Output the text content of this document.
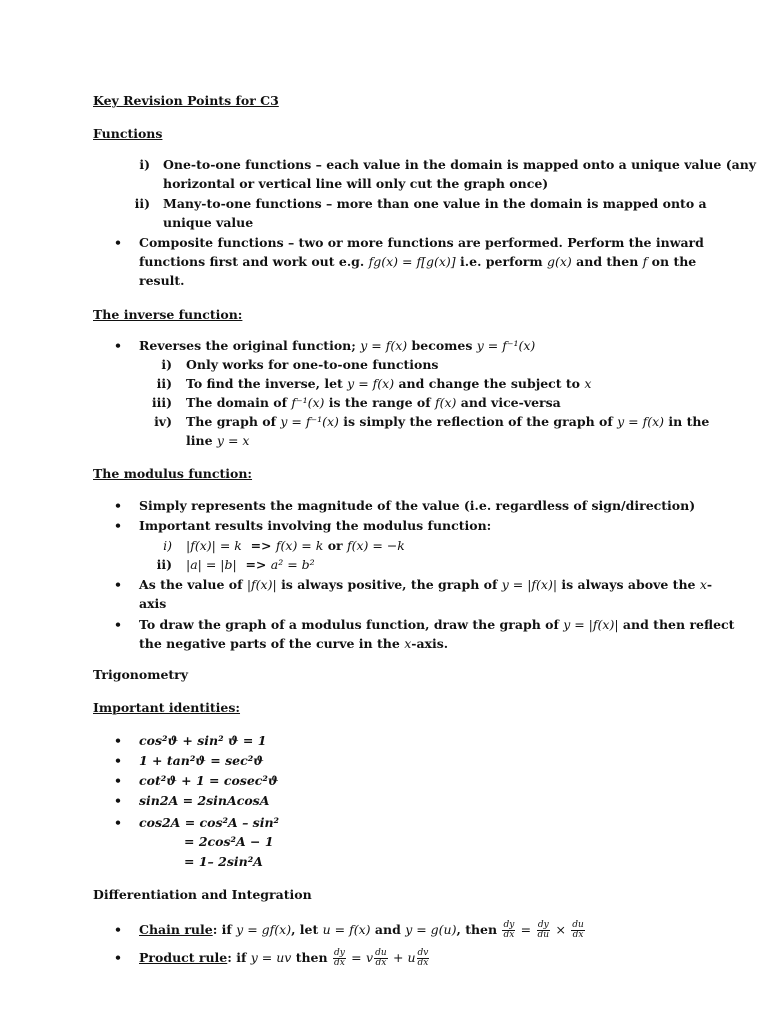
Key Revision Points for C3
Functions
i) One-to-one functions – each value in the domain is mapped onto a unique value (any
horizontal or vertical line will only cut the graph once)
ii) Many-to-one functions – more than one value in the domain is mapped onto a
unique value
• Composite functions – two or more functions are performed. Perform the inward
functions first and work out e.g. fg(x) = f[g(x)] i.e. perform g(x) and then f on the
result.
The inverse function:
• Reverses the original function; y = f(x) becomes y = f⁻¹(x)
i) Only works for one-to-one functions
ii) To find the inverse, let y = f(x) and change the subject to x
iii) The domain of f⁻¹(x) is the range of f(x) and vice-versa
iv) The graph of y = f⁻¹(x) is simply the reflection of the graph of y = f(x) in the
line y = x
The modulus function:
• Simply represents the magnitude of the value (i.e. regardless of sign/direction)
• Important results involving the modulus function:
i) |f(x)| = k => f(x) = k or f(x) = −k
ii) |a| = |b| => a² = b²
• As the value of |f(x)| is always positive, the graph of y = |f(x)| is always above the x-
axis
• To draw the graph of a modulus function, draw the graph of y = |f(x)| and then reflect
the negative parts of the curve in the x-axis.
Trigonometry
Important identities:
• cos²ϑ + sin² ϑ = 1
• 1 + tan²ϑ = sec²ϑ
• cot²ϑ + 1 = cosec²ϑ
• sin2A = 2sinAcosA
• cos2A = cos²A – sin²
= 2cos²A − 1
= 1– 2sin²A
Differentiation and Integration
• Chain rule: if y = gf(x), let u = f(x) and y = g(u), then $\frac{dy}{dx} = \frac{dy}{du} \times \frac{du}{dx}$
• Product rule: if y = uv then $\frac{dy}{dx} = v \frac{du}{dx} + u \frac{dv}{dx}$
